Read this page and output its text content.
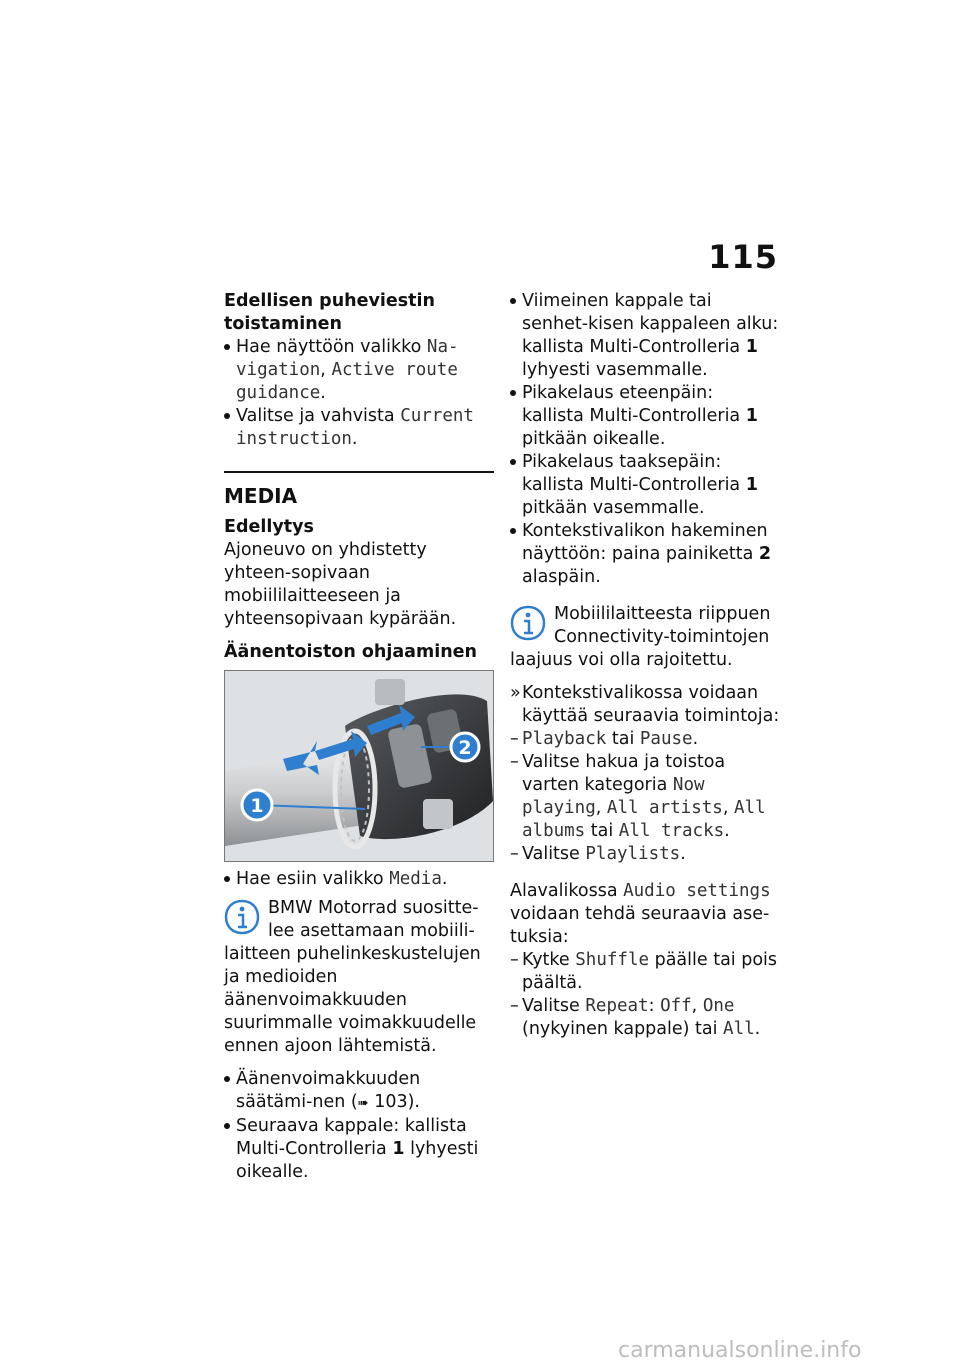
115

Edellisen puheviestin toistaminen

Hae näyttöön valikko Na-vigation, Active route guidance.

Valitse ja vahvista Current instruction.

MEDIA

Edellytys

Ajoneuvo on yhdistetty yhteen-sopivaan mobiililaitteeseen ja yhteensopivaan kypärään.

Äänentoiston ohjaaminen

1
2

Hae esiin valikko Media.

BMW Motorrad suositte-lee asettamaan mobiili-laitteen puhelinkeskustelujen ja medioiden äänenvoimakkuuden suurimmalle voimakkuudelle ennen ajoon lähtemistä.

Äänenvoimakkuuden säätämi-nen (➠ 103).

Seuraava kappale: kallista Multi-Controlleria 1 lyhyesti oikealle.

Viimeinen kappale tai senhet-kisen kappaleen alku: kallista Multi-Controlleria 1 lyhyesti vasemmalle.

Pikakelaus eteenpäin: kallista Multi-Controlleria 1 pitkään oikealle.

Pikakelaus taaksepäin: kallista Multi-Controlleria 1 pitkään vasemmalle.

Kontekstivalikon hakeminen näyttöön: paina painiketta 2 alaspäin.

Mobiililaitteesta riippuen Connectivity-toimintojen laajuus voi olla rajoitettu.

» Kontekstivalikossa voidaan käyttää seuraavia toimintoja:

– Playback tai Pause.

– Valitse hakua ja toistoa varten kategoria Now playing, All artists, All albums tai All tracks.

– Valitse Playlists.

Alavalikossa Audio settings voidaan tehdä seuraavia ase-tuksia:

– Kytke Shuffle päälle tai pois päältä.

– Valitse Repeat: Off, One (nykyinen kappale) tai All.

carmanualsonline.info
